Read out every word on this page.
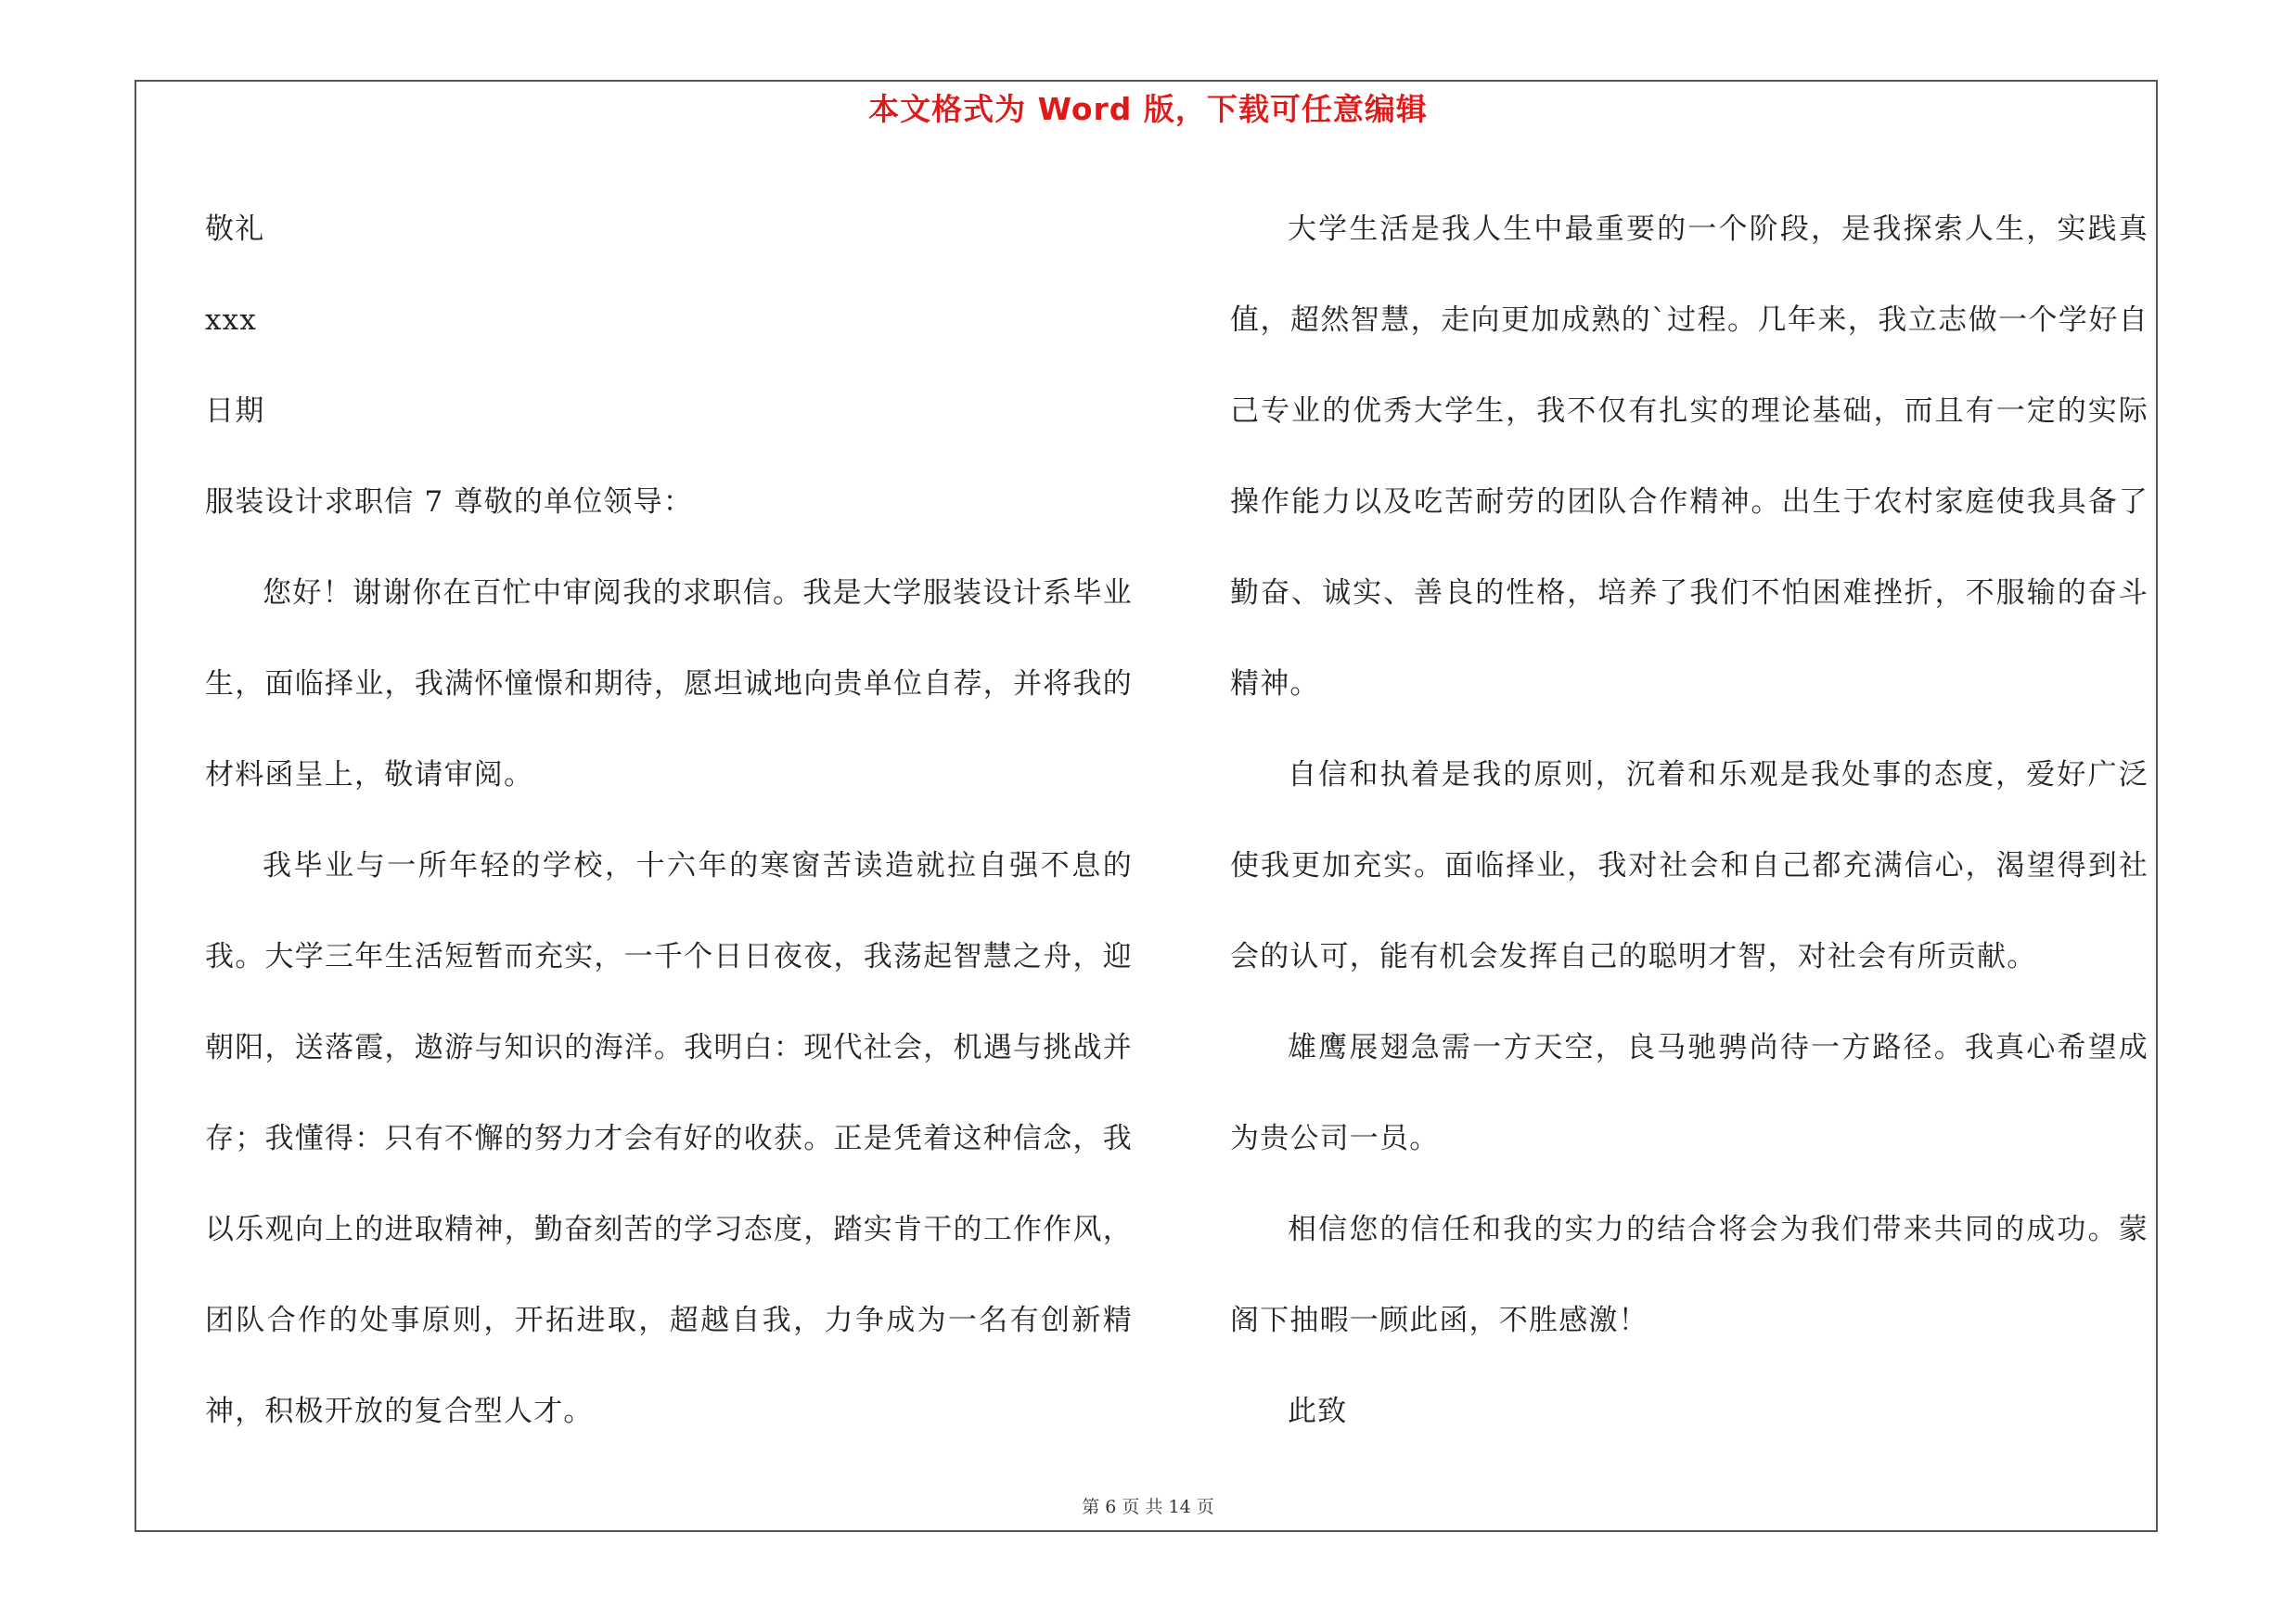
本文格式为 Word 版，下载可任意编辑

敬礼

xxx

日期

服装设计求职信 7 尊敬的单位领导：

您好！谢谢你在百忙中审阅我的求职信。我是大学服装设计系毕业生，面临择业，我满怀憧憬和期待，愿坦诚地向贵单位自荐，并将我的材料函呈上，敬请审阅。

我毕业与一所年轻的学校，十六年的寒窗苦读造就拉自强不息的我。大学三年生活短暂而充实，一千个日日夜夜，我荡起智慧之舟，迎朝阳，送落霞，遨游与知识的海洋。我明白：现代社会，机遇与挑战并存；我懂得：只有不懈的努力才会有好的收获。正是凭着这种信念，我以乐观向上的进取精神，勤奋刻苦的学习态度，踏实肯干的工作作风，团队合作的处事原则，开拓进取，超越自我，力争成为一名有创新精神，积极开放的复合型人才。

大学生活是我人生中最重要的一个阶段，是我探索人生，实践真值，超然智慧，走向更加成熟的`过程。几年来，我立志做一个学好自己专业的优秀大学生，我不仅有扎实的理论基础，而且有一定的实际操作能力以及吃苦耐劳的团队合作精神。出生于农村家庭使我具备了勤奋、诚实、善良的性格，培养了我们不怕困难挫折，不服输的奋斗精神。

自信和执着是我的原则，沉着和乐观是我处事的态度，爱好广泛使我更加充实。面临择业，我对社会和自己都充满信心，渴望得到社会的认可，能有机会发挥自己的聪明才智，对社会有所贡献。

雄鹰展翅急需一方天空，良马驰骋尚待一方路径。我真心希望成为贵公司一员。

相信您的信任和我的实力的结合将会为我们带来共同的成功。蒙阁下抽暇一顾此函，不胜感激！

此致

第 6 页 共 14 页
